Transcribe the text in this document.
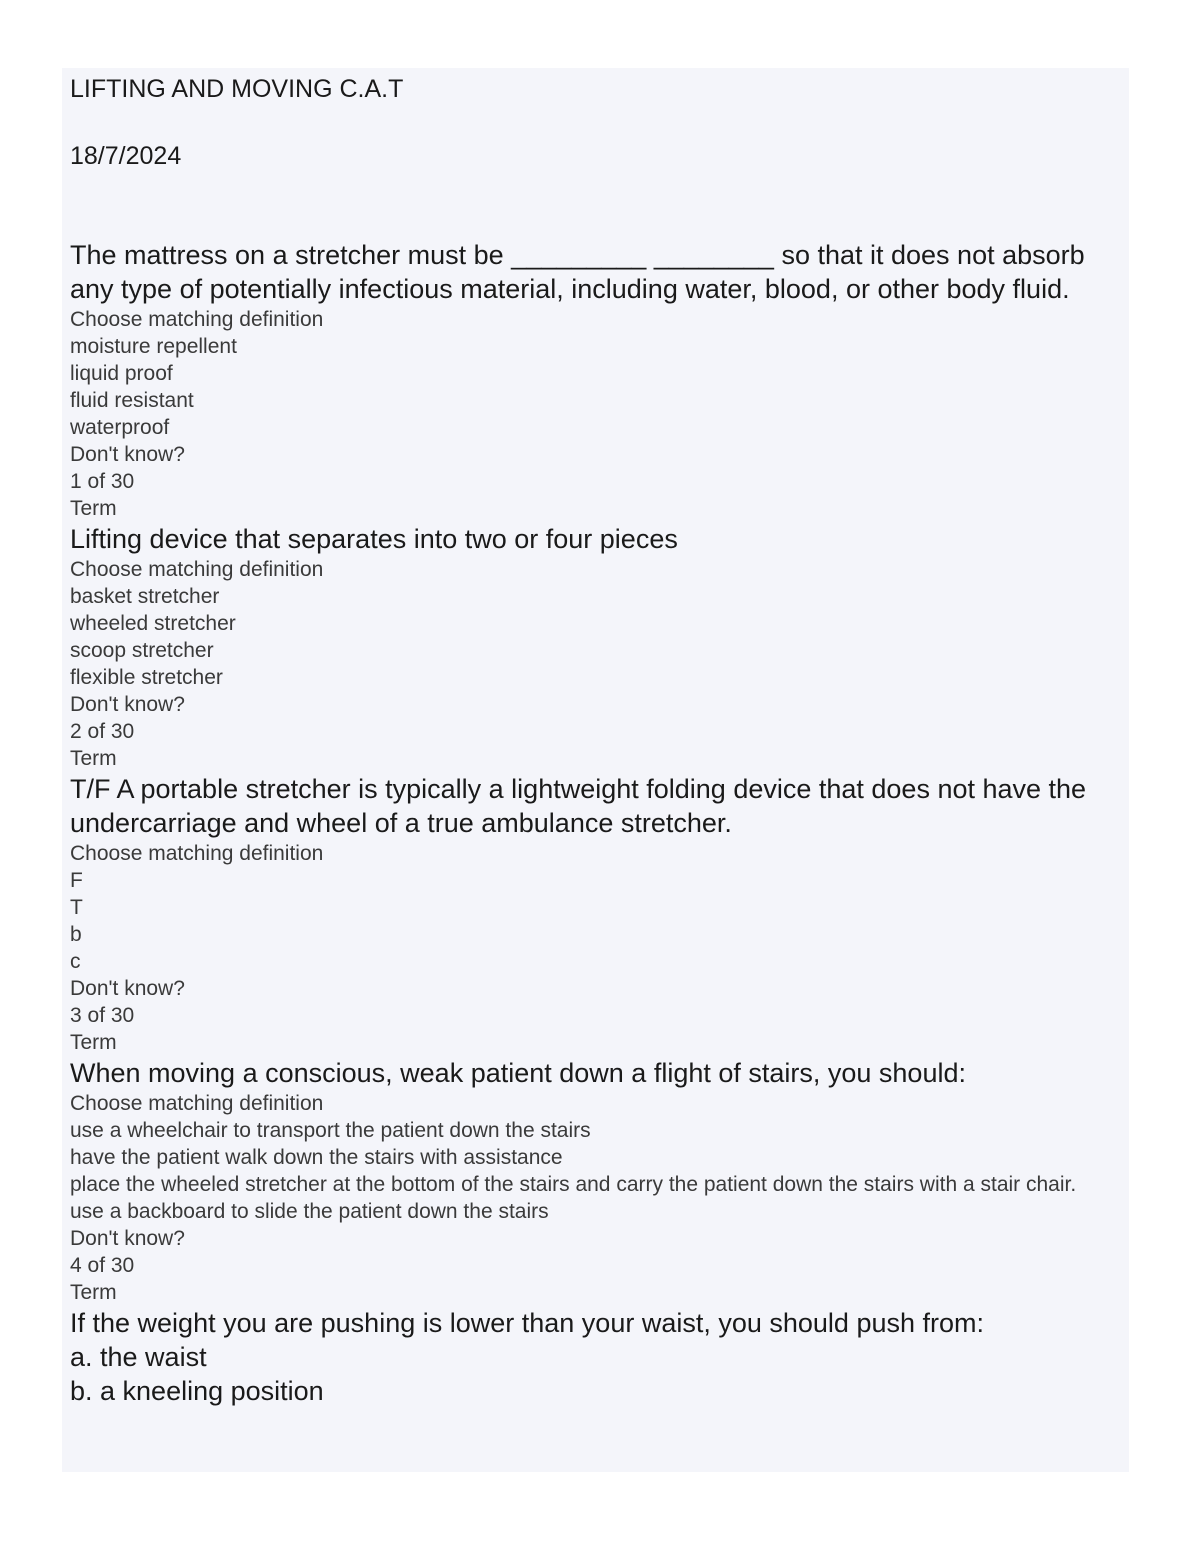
LIFTING AND MOVING C.A.T
18/7/2024

The mattress on a stretcher must be _________ ________ so that it does not absorb any type of potentially infectious material, including water, blood, or other body fluid.

Choose matching definition

moisture repellent

liquid proof

fluid resistant

waterproof

Don't know?

1 of 30

Term

Lifting device that separates into two or four pieces

Choose matching definition

basket stretcher

wheeled stretcher

scoop stretcher

flexible stretcher

Don't know?

2 of 30

Term

T/F A portable stretcher is typically a lightweight folding device that does not have the undercarriage and wheel of a true ambulance stretcher.

Choose matching definition

F

T

b

c

Don't know?

3 of 30

Term

When moving a conscious, weak patient down a flight of stairs, you should:

Choose matching definition

use a wheelchair to transport the patient down the stairs

have the patient walk down the stairs with assistance

place the wheeled stretcher at the bottom of the stairs and carry the patient down the stairs with a stair chair.

use a backboard to slide the patient down the stairs

Don't know?

4 of 30

Term

If the weight you are pushing is lower than your waist, you should push from:

a. the waist

b. a kneeling position
